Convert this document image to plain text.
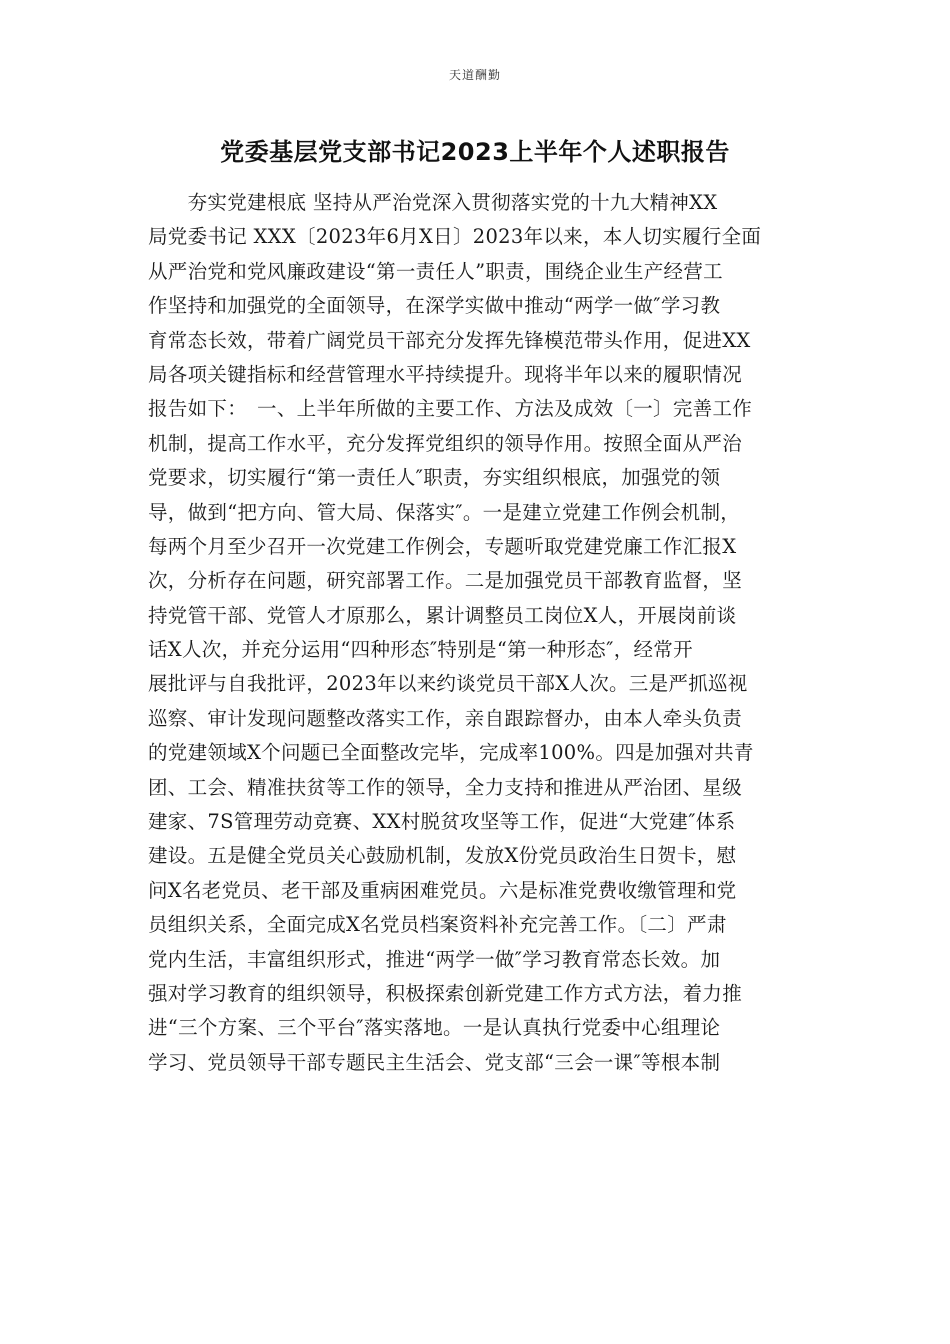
天道酬勤
党委基层党支部书记2023上半年个人述职报告
　　夯实党建根底 坚持从严治党深入贯彻落实党的十九大精神XX
局党委书记 XXX〔2023年6月X日〕2023年以来，本人切实履行全面
从严治党和党风廉政建设“第一责任人”职责，围绕企业生产经营工
作坚持和加强党的全面领导，在深学实做中推动“两学一做″学习教
育常态长效，带着广阔党员干部充分发挥先锋模范带头作用，促进XX
局各项关键指标和经营管理水平持续提升。现将半年以来的履职情况
报告如下：　一、上半年所做的主要工作、方法及成效〔一〕完善工作
机制，提高工作水平，充分发挥党组织的领导作用。按照全面从严治
党要求，切实履行“第一责任人″职责，夯实组织根底，加强党的领
导，做到“把方向、管大局、保落实″。一是建立党建工作例会机制，
每两个月至少召开一次党建工作例会，专题听取党建党廉工作汇报X
次，分析存在问题，研究部署工作。二是加强党员干部教育监督，坚
持党管干部、党管人才原那么，累计调整员工岗位X人，开展岗前谈
话X人次，并充分运用“四种形态″特别是“第一种形态″，经常开
展批评与自我批评，2023年以来约谈党员干部X人次。三是严抓巡视
巡察、审计发现问题整改落实工作，亲自跟踪督办，由本人牵头负责
的党建领域X个问题已全面整改完毕，完成率100%。四是加强对共青
团、工会、精准扶贫等工作的领导，全力支持和推进从严治团、星级
建家、7S管理劳动竞赛、XX村脱贫攻坚等工作，促进“大党建″体系
建设。五是健全党员关心鼓励机制，发放X份党员政治生日贺卡，慰
问X名老党员、老干部及重病困难党员。六是标准党费收缴管理和党
员组织关系，全面完成X名党员档案资料补充完善工作。〔二〕严肃
党内生活，丰富组织形式，推进“两学一做″学习教育常态长效。加
强对学习教育的组织领导，积极探索创新党建工作方式方法，着力推
进“三个方案、三个平台″落实落地。一是认真执行党委中心组理论
学习、党员领导干部专题民主生活会、党支部“三会一课″等根本制
